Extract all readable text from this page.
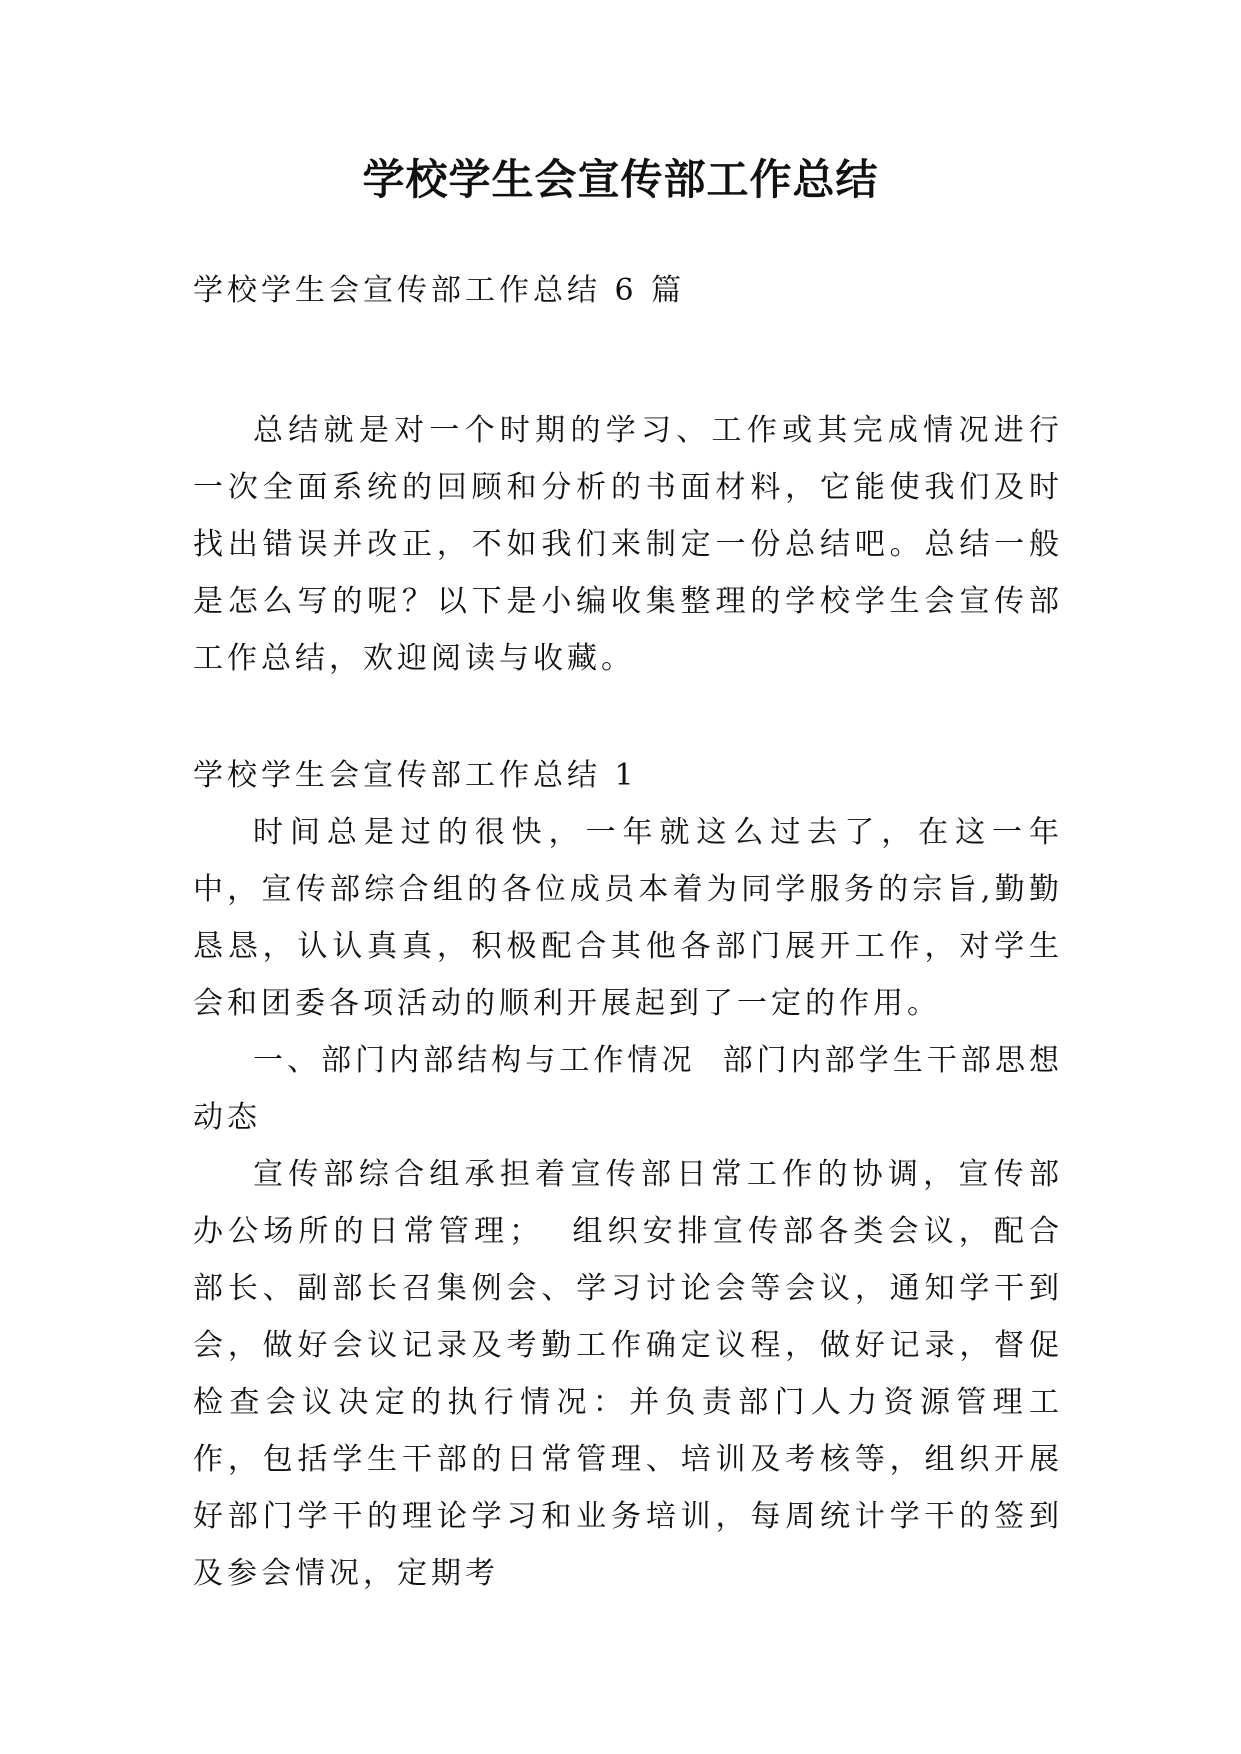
学校学生会宣传部工作总结
学校学生会宣传部工作总结 6 篇

总结就是对一个时期的学习、工作或其完成情况进行一次全面系统的回顾和分析的书面材料，它能使我们及时找出错误并改正，不如我们来制定一份总结吧。总结一般是怎么写的呢？以下是小编收集整理的学校学生会宣传部工作总结，欢迎阅读与收藏。

学校学生会宣传部工作总结 1

时间总是过的很快，一年就这么过去了，在这一年中，宣传部综合组的各位成员本着为同学服务的宗旨,勤勤恳恳，认认真真，积极配合其他各部门展开工作，对学生会和团委各项活动的顺利开展起到了一定的作用。

一、部门内部结构与工作情况  部门内部学生干部思想动态

宣传部综合组承担着宣传部日常工作的协调，宣传部办公场所的日常管理；  组织安排宣传部各类会议，配合部长、副部长召集例会、学习讨论会等会议，通知学干到会，做好会议记录及考勤工作确定议程，做好记录，督促检查会议决定的执行情况：并负责部门人力资源管理工作，包括学生干部的日常管理、培训及考核等，组织开展好部门学干的理论学习和业务培训，每周统计学干的签到及参会情况，定期考
